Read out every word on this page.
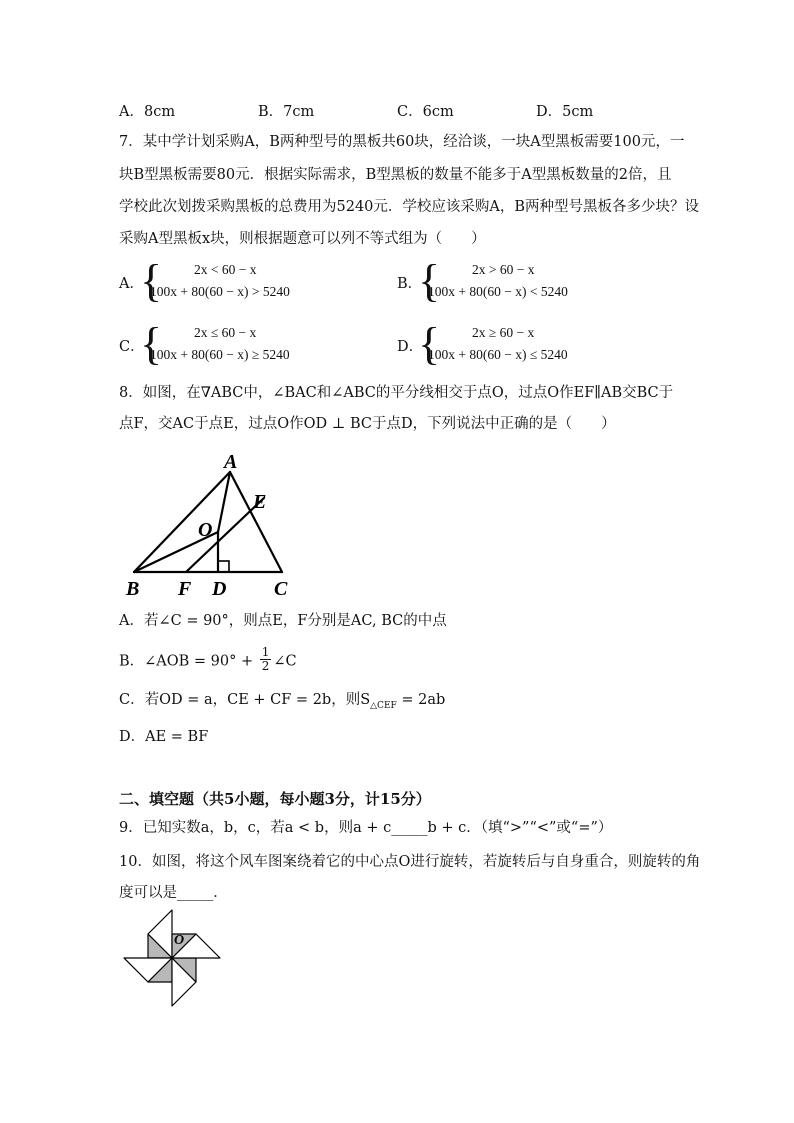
A．8cm	B．7cm	C．6cm	D．5cm
7．某中学计划采购A，B两种型号的黑板共60块，经洽谈，一块A型黑板需要100元，一
块B型黑板需要80元．根据实际需求，B型黑板的数量不能多于A型黑板数量的2倍，且
学校此次划拨采购黑板的总费用为5240元．学校应该采购A，B两种型号黑板各多少块？设
采购A型黑板x块，则根据题意可以列不等式组为（　　）
A．
{ 2x < 60 − x
100x + 80(60 − x) > 5240	B．
{ 2x > 60 − x
100x + 80(60 − x) < 5240
C．
{ 2x ≤ 60 − x
100x + 80(60 − x) ≥ 5240	D．
{ 2x ≥ 60 − x
100x + 80(60 − x) ≤ 5240
8．如图，在∇ABC中，∠BAC和∠ABC的平分线相交于点O，过点O作EF∥AB交BC于
点F，交AC于点E，过点O作OD ⊥ BC于点D，下列说法中正确的是（　　）
A
E
O
B F D C
A．若∠C = 90°，则点E，F分别是AC, BC的中点
B．∠AOB = $90^\circ + \frac{1}{2}$ ∠C
C．若OD = a，CE + CF = 2b，则$S_{\triangle CEF} = 2ab$
D．AE = BF
二、填空题（共5小题，每小题3分，计15分）
9．已知实数a，b，c，若a < b，则a + c_____b + c．（填“>”“<”或“=”）
10．如图，将这个风车图案绕着它的中心点O进行旋转，若旋转后与自身重合，则旋转的角
度可以是_____．
O
